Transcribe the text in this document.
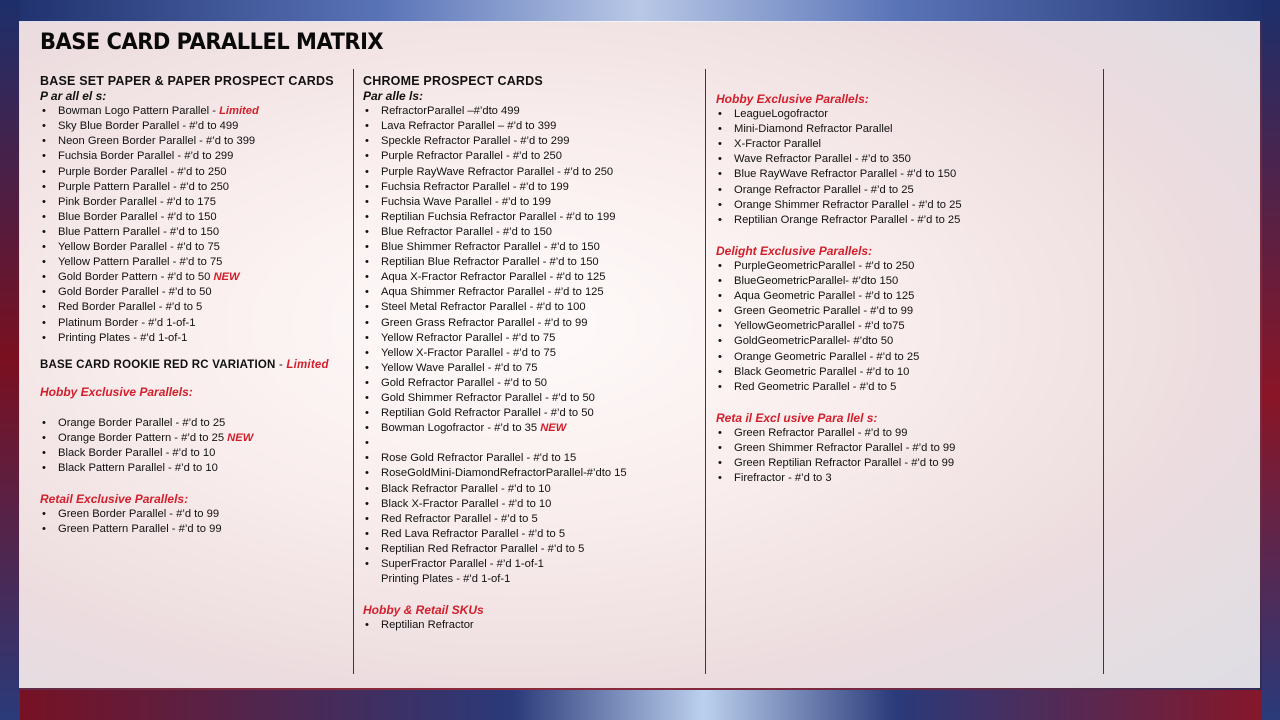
BASE CARD PARALLEL MATRIX
BASE SET PAPER & PAPER PROSPECT CARDS
P ar all el s:
• Bowman Logo Pattern Parallel - Limited
• Sky Blue Border Parallel - #’d to 499
• Neon Green Border Parallel - #’d to 399
• Fuchsia Border Parallel - #’d to 299
• Purple Border Parallel - #’d to 250
• Purple Pattern Parallel - #’d to 250
• Pink Border Parallel - #’d to 175
• Blue Border Parallel - #’d to 150
• Blue Pattern Parallel - #’d to 150
• Yellow Border Parallel - #’d to 75
• Yellow Pattern Parallel - #’d to 75
• Gold Border Pattern - #’d to 50 NEW
• Gold Border Parallel - #’d to 50
• Red Border Parallel - #’d to 5
• Platinum Border - #’d 1-of-1
• Printing Plates - #’d 1-of-1
BASE CARD ROOKIE RED RC VARIATION - Limited
Hobby Exclusive Parallels:
• Orange Border Parallel - #’d to 25
• Orange Border Pattern - #’d to 25 NEW
• Black Border Parallel - #’d to 10
• Black Pattern Parallel - #’d to 10
Retail Exclusive Parallels:
• Green Border Parallel - #’d to 99
• Green Pattern Parallel - #’d to 99
CHROME PROSPECT CARDS
Par alle ls:
• RefractorParallel –#’dto 499
• Lava Refractor Parallel – #’d to 399
• Speckle Refractor Parallel - #’d to 299
• Purple Refractor Parallel - #’d to 250
• Purple RayWave Refractor Parallel - #’d to 250
• Fuchsia Refractor Parallel - #’d to 199
• Fuchsia Wave Parallel - #’d to 199
• Reptilian Fuchsia Refractor Parallel - #’d to 199
• Blue Refractor Parallel - #’d to 150
• Blue Shimmer Refractor Parallel - #’d to 150
• Reptilian Blue Refractor Parallel - #’d to 150
• Aqua X-Fractor Refractor Parallel - #’d to 125
• Aqua Shimmer Refractor Parallel - #’d to 125
• Steel Metal Refractor Parallel - #’d to 100
• Green Grass Refractor Parallel - #’d to 99
• Yellow Refractor Parallel - #’d to 75
• Yellow X-Fractor Parallel - #’d to 75
• Yellow Wave Parallel - #’d to 75
• Gold Refractor Parallel - #’d to 50
• Gold Shimmer Refractor Parallel - #’d to 50
• Reptilian Gold Refractor Parallel - #’d to 50
• Bowman Logofractor - #’d to 35 NEW
•
• Rose Gold Refractor Parallel - #’d to 15
• RoseGoldMini-DiamondRefractorParallel-#’dto 15
• Black Refractor Parallel - #’d to 10
• Black X-Fractor Parallel - #’d to 10
• Red Refractor Parallel - #’d to 5
• Red Lava Refractor Parallel - #’d to 5
• Reptilian Red Refractor Parallel - #’d to 5
• SuperFractor Parallel - #’d 1-of-1
Printing Plates - #’d 1-of-1
Hobby & Retail SKUs
• Reptilian Refractor
Hobby Exclusive Parallels:
• LeagueLogofractor
• Mini-Diamond Refractor Parallel
• X-Fractor Parallel
• Wave Refractor Parallel - #’d to 350
• Blue RayWave Refractor Parallel - #’d to 150
• Orange Refractor Parallel - #’d to 25
• Orange Shimmer Refractor Parallel - #’d to 25
• Reptilian Orange Refractor Parallel - #’d to 25
Delight Exclusive Parallels:
• PurpleGeometricParallel - #’d to 250
• BlueGeometricParallel- #’dto 150
• Aqua Geometric Parallel - #’d to 125
• Green Geometric Parallel - #’d to 99
• YellowGeometricParallel - #’d to75
• GoldGeometricParallel- #’dto 50
• Orange Geometric Parallel - #’d to 25
• Black Geometric Parallel - #’d to 10
• Red Geometric Parallel - #’d to 5
Reta il Excl usive Para llel s:
• Green Refractor Parallel - #’d to 99
• Green Shimmer Refractor Parallel - #’d to 99
• Green Reptilian Refractor Parallel - #’d to 99
• Firefractor - #’d to 3
